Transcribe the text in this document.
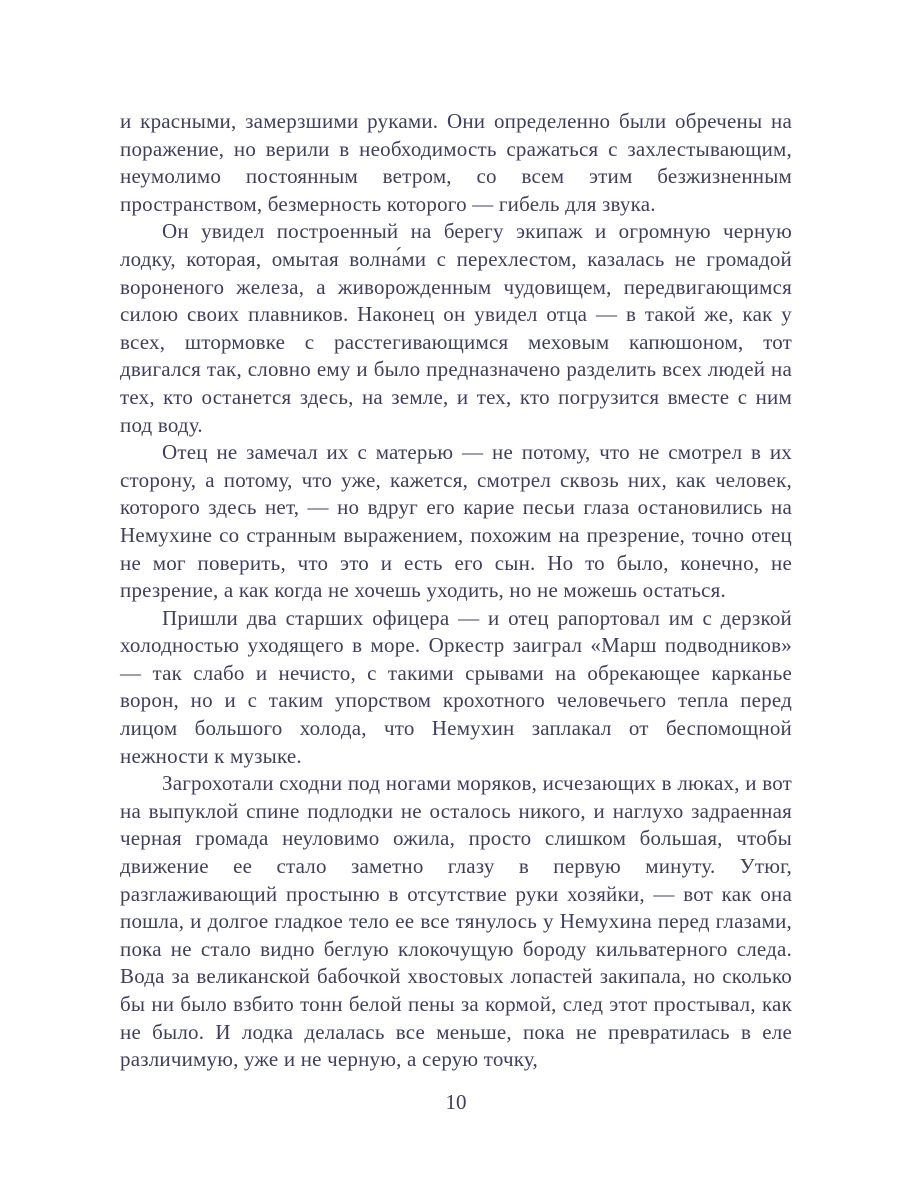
и красными, замерзшими руками. Они определенно были обречены на поражение, но верили в необходимость сражаться с захлестывающим, неумолимо постоянным ветром, со всем этим безжизненным пространством, безмерность которого — гибель для звука.

Он увидел построенный на берегу экипаж и огромную черную лодку, которая, омытая волна́ми с перехлестом, казалась не громадой вороненого железа, а живорожденным чудовищем, передвигающимся силою своих плавников. Наконец он увидел отца — в такой же, как у всех, штормовке с расстегивающимся меховым капюшоном, тот двигался так, словно ему и было предназначено разделить всех людей на тех, кто останется здесь, на земле, и тех, кто погрузится вместе с ним под воду.

Отец не замечал их с матерью — не потому, что не смотрел в их сторону, а потому, что уже, кажется, смотрел сквозь них, как человек, которого здесь нет, — но вдруг его карие песьи глаза остановились на Немухине со странным выражением, похожим на презрение, точно отец не мог поверить, что это и есть его сын. Но то было, конечно, не презрение, а как когда не хочешь уходить, но не можешь остаться.

Пришли два старших офицера — и отец рапортовал им с дерзкой холодностью уходящего в море. Оркестр заиграл «Марш подводников» — так слабо и нечисто, с такими срывами на обрекающее карканье ворон, но и с таким упорством крохотного человечьего тепла перед лицом большого холода, что Немухин заплакал от беспомощной нежности к музыке.

Загрохотали сходни под ногами моряков, исчезающих в люках, и вот на выпуклой спине подлодки не осталось никого, и наглухо задраенная черная громада неуловимо ожила, просто слишком большая, чтобы движение ее стало заметно глазу в первую минуту. Утюг, разглаживающий простыню в отсутствие руки хозяйки, — вот как она пошла, и долгое гладкое тело ее все тянулось у Немухина перед глазами, пока не стало видно беглую клокочущую бороду кильватерного следа. Вода за великанской бабочкой хвостовых лопастей закипала, но сколько бы ни было взбито тонн белой пены за кормой, след этот простывал, как не было. И лодка делалась все меньше, пока не превратилась в еле различимую, уже и не черную, а серую точку,

10
